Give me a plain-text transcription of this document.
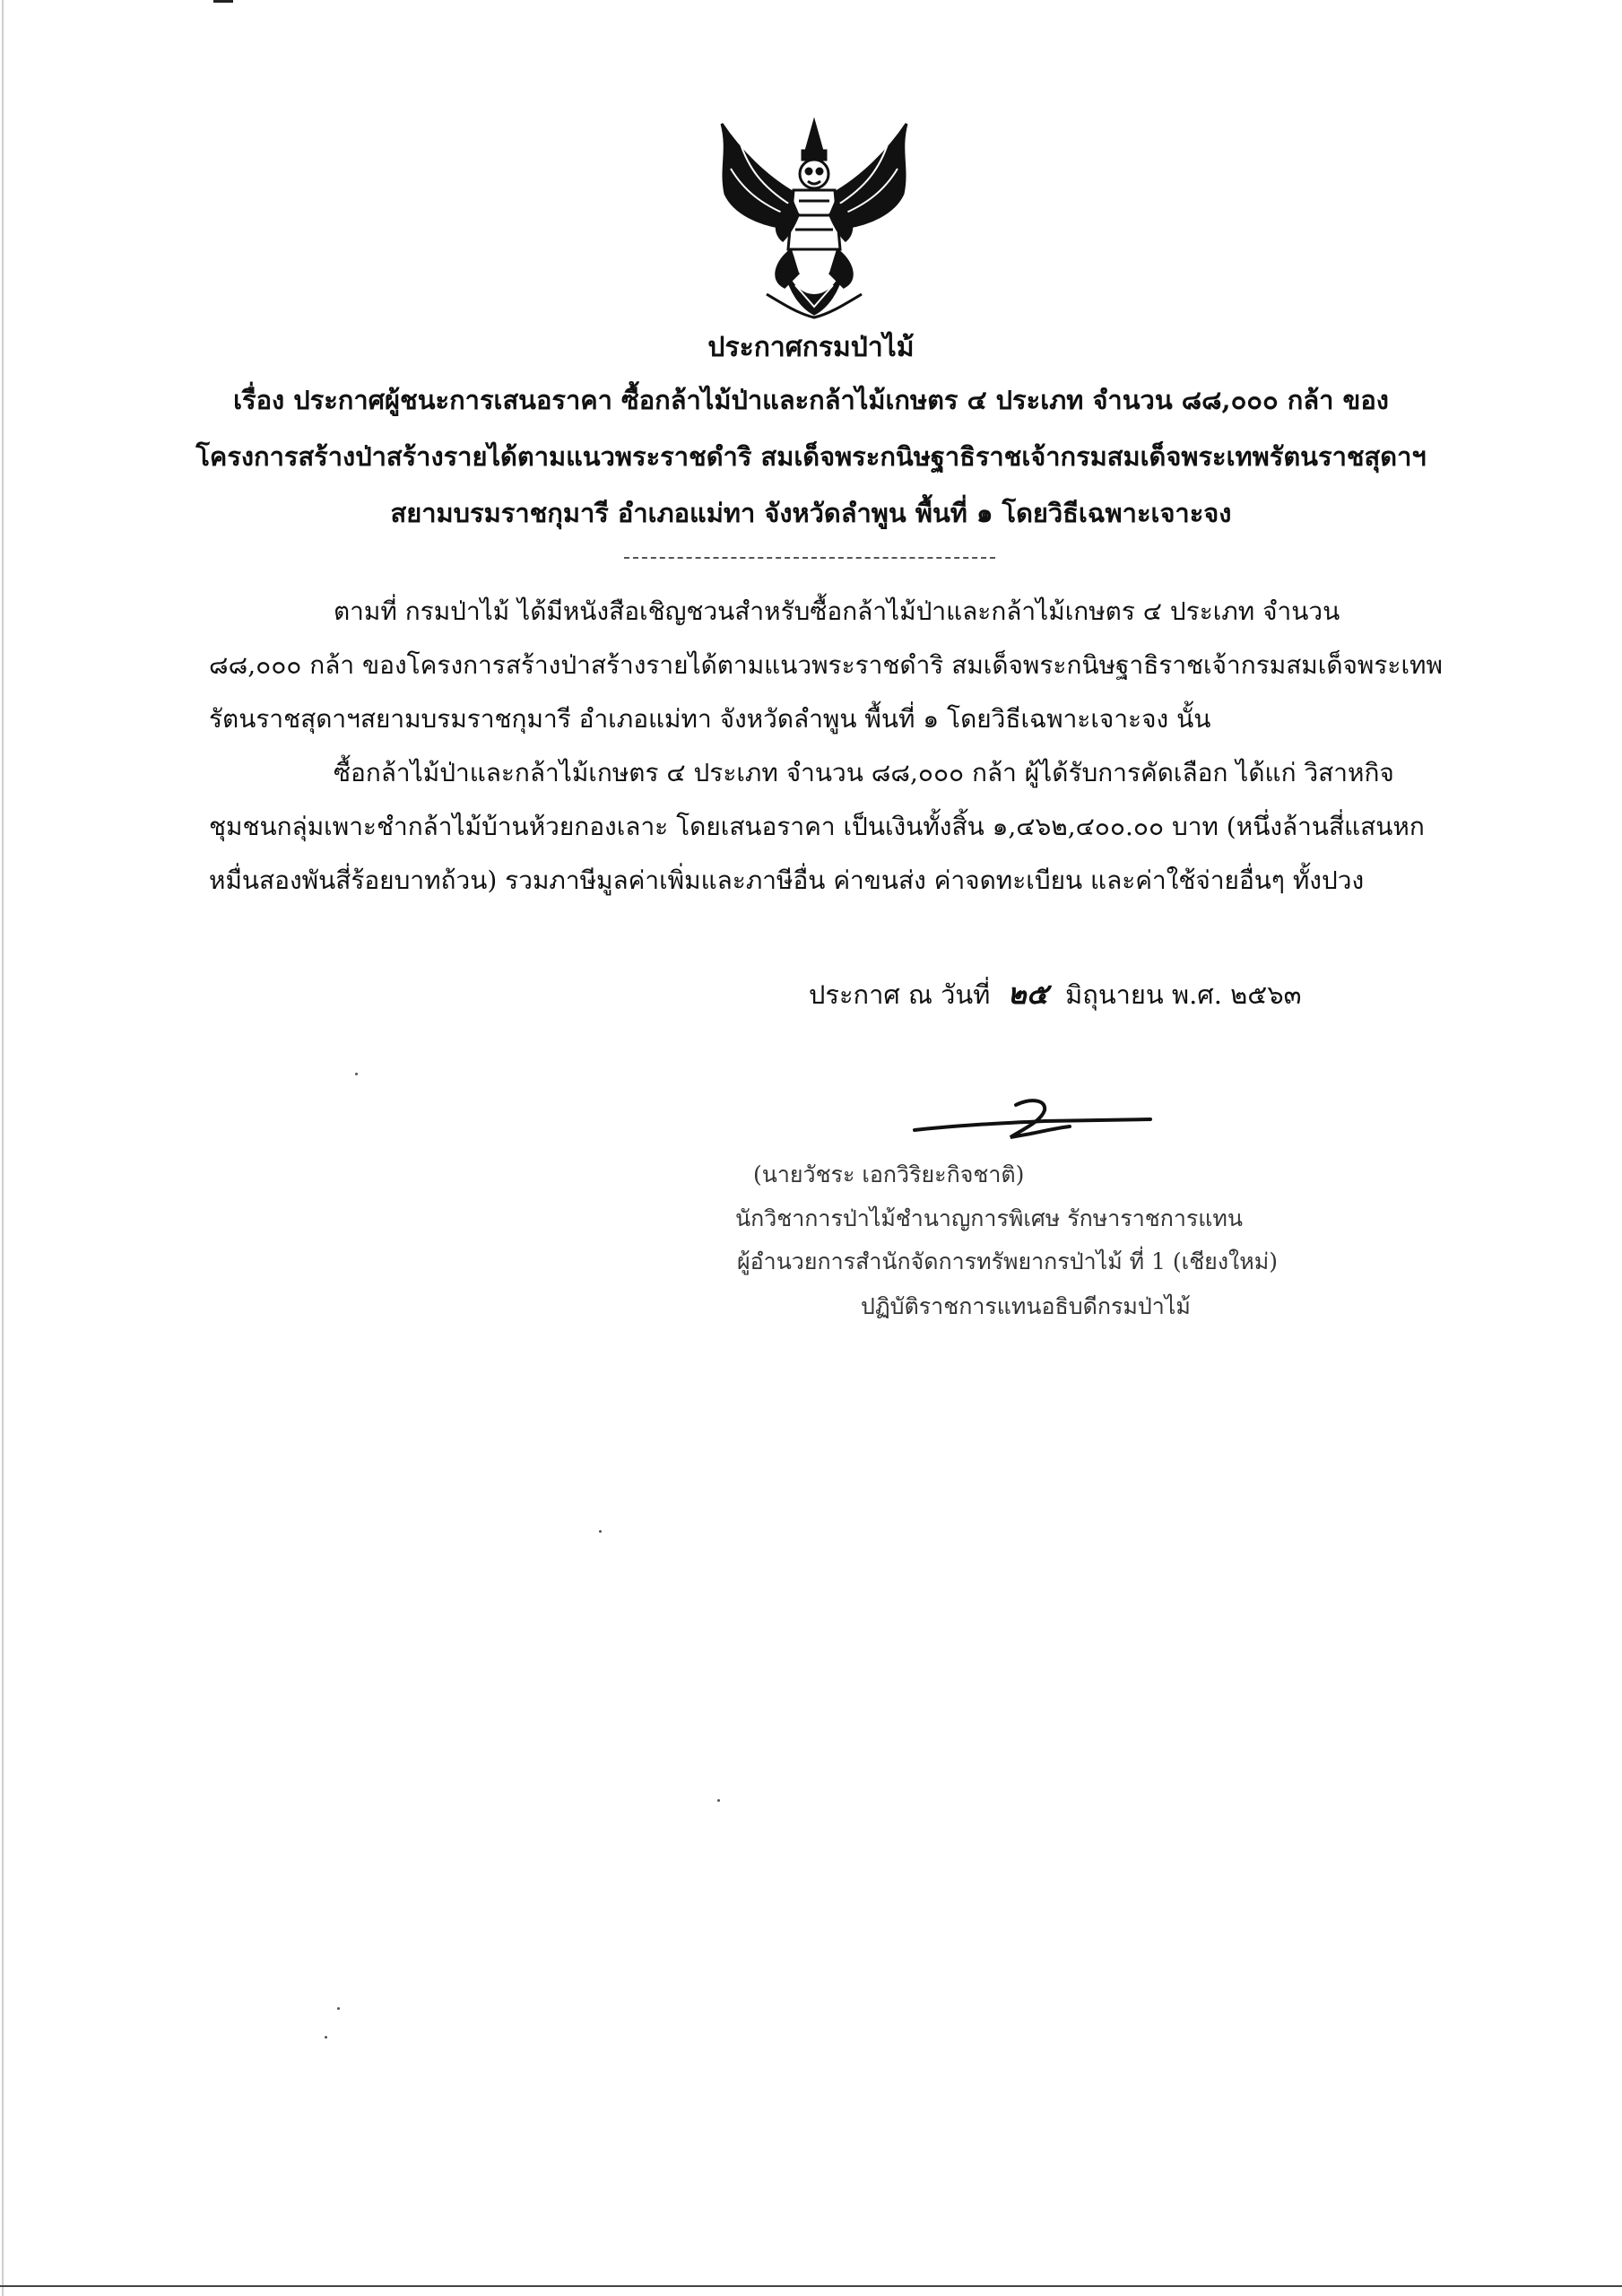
ประกาศกรมป่าไม้
เรื่อง ประกาศผู้ชนะการเสนอราคา ซื้อกล้าไม้ป่าและกล้าไม้เกษตร ๔ ประเภท จำนวน ๘๘,๐๐๐ กล้า ของ
โครงการสร้างป่าสร้างรายได้ตามแนวพระราชดำริ สมเด็จพระกนิษฐาธิราชเจ้ากรมสมเด็จพระเทพรัตนราชสุดาฯ
สยามบรมราชกุมารี อำเภอแม่ทา จังหวัดลำพูน พื้นที่ ๑ โดยวิธีเฉพาะเจาะจง
ตามที่ กรมป่าไม้ ได้มีหนังสือเชิญชวนสำหรับซื้อกล้าไม้ป่าและกล้าไม้เกษตร ๔ ประเภท จำนวน
๘๘,๐๐๐ กล้า ของโครงการสร้างป่าสร้างรายได้ตามแนวพระราชดำริ สมเด็จพระกนิษฐาธิราชเจ้ากรมสมเด็จพระเทพ
รัตนราชสุดาฯสยามบรมราชกุมารี อำเภอแม่ทา จังหวัดลำพูน พื้นที่ ๑ โดยวิธีเฉพาะเจาะจง นั้น
ซื้อกล้าไม้ป่าและกล้าไม้เกษตร ๔ ประเภท จำนวน ๘๘,๐๐๐ กล้า ผู้ได้รับการคัดเลือก ได้แก่ วิสาหกิจ
ชุมชนกลุ่มเพาะชำกล้าไม้บ้านห้วยกองเลาะ โดยเสนอราคา เป็นเงินทั้งสิ้น ๑,๔๖๒,๔๐๐.๐๐ บาท (หนึ่งล้านสี่แสนหก
หมื่นสองพันสี่ร้อยบาทถ้วน) รวมภาษีมูลค่าเพิ่มและภาษีอื่น ค่าขนส่ง ค่าจดทะเบียน และค่าใช้จ่ายอื่นๆ ทั้งปวง
ประกาศ ณ วันที่ ๒๕ มิถุนายน พ.ศ. ๒๕๖๓
(นายวัชระ เอกวิริยะกิจชาติ)
นักวิชาการป่าไม้ชำนาญการพิเศษ รักษาราชการแทน
ผู้อำนวยการสำนักจัดการทรัพยากรป่าไม้ ที่ 1 (เชียงใหม่)
ปฏิบัติราชการแทนอธิบดีกรมป่าไม้
